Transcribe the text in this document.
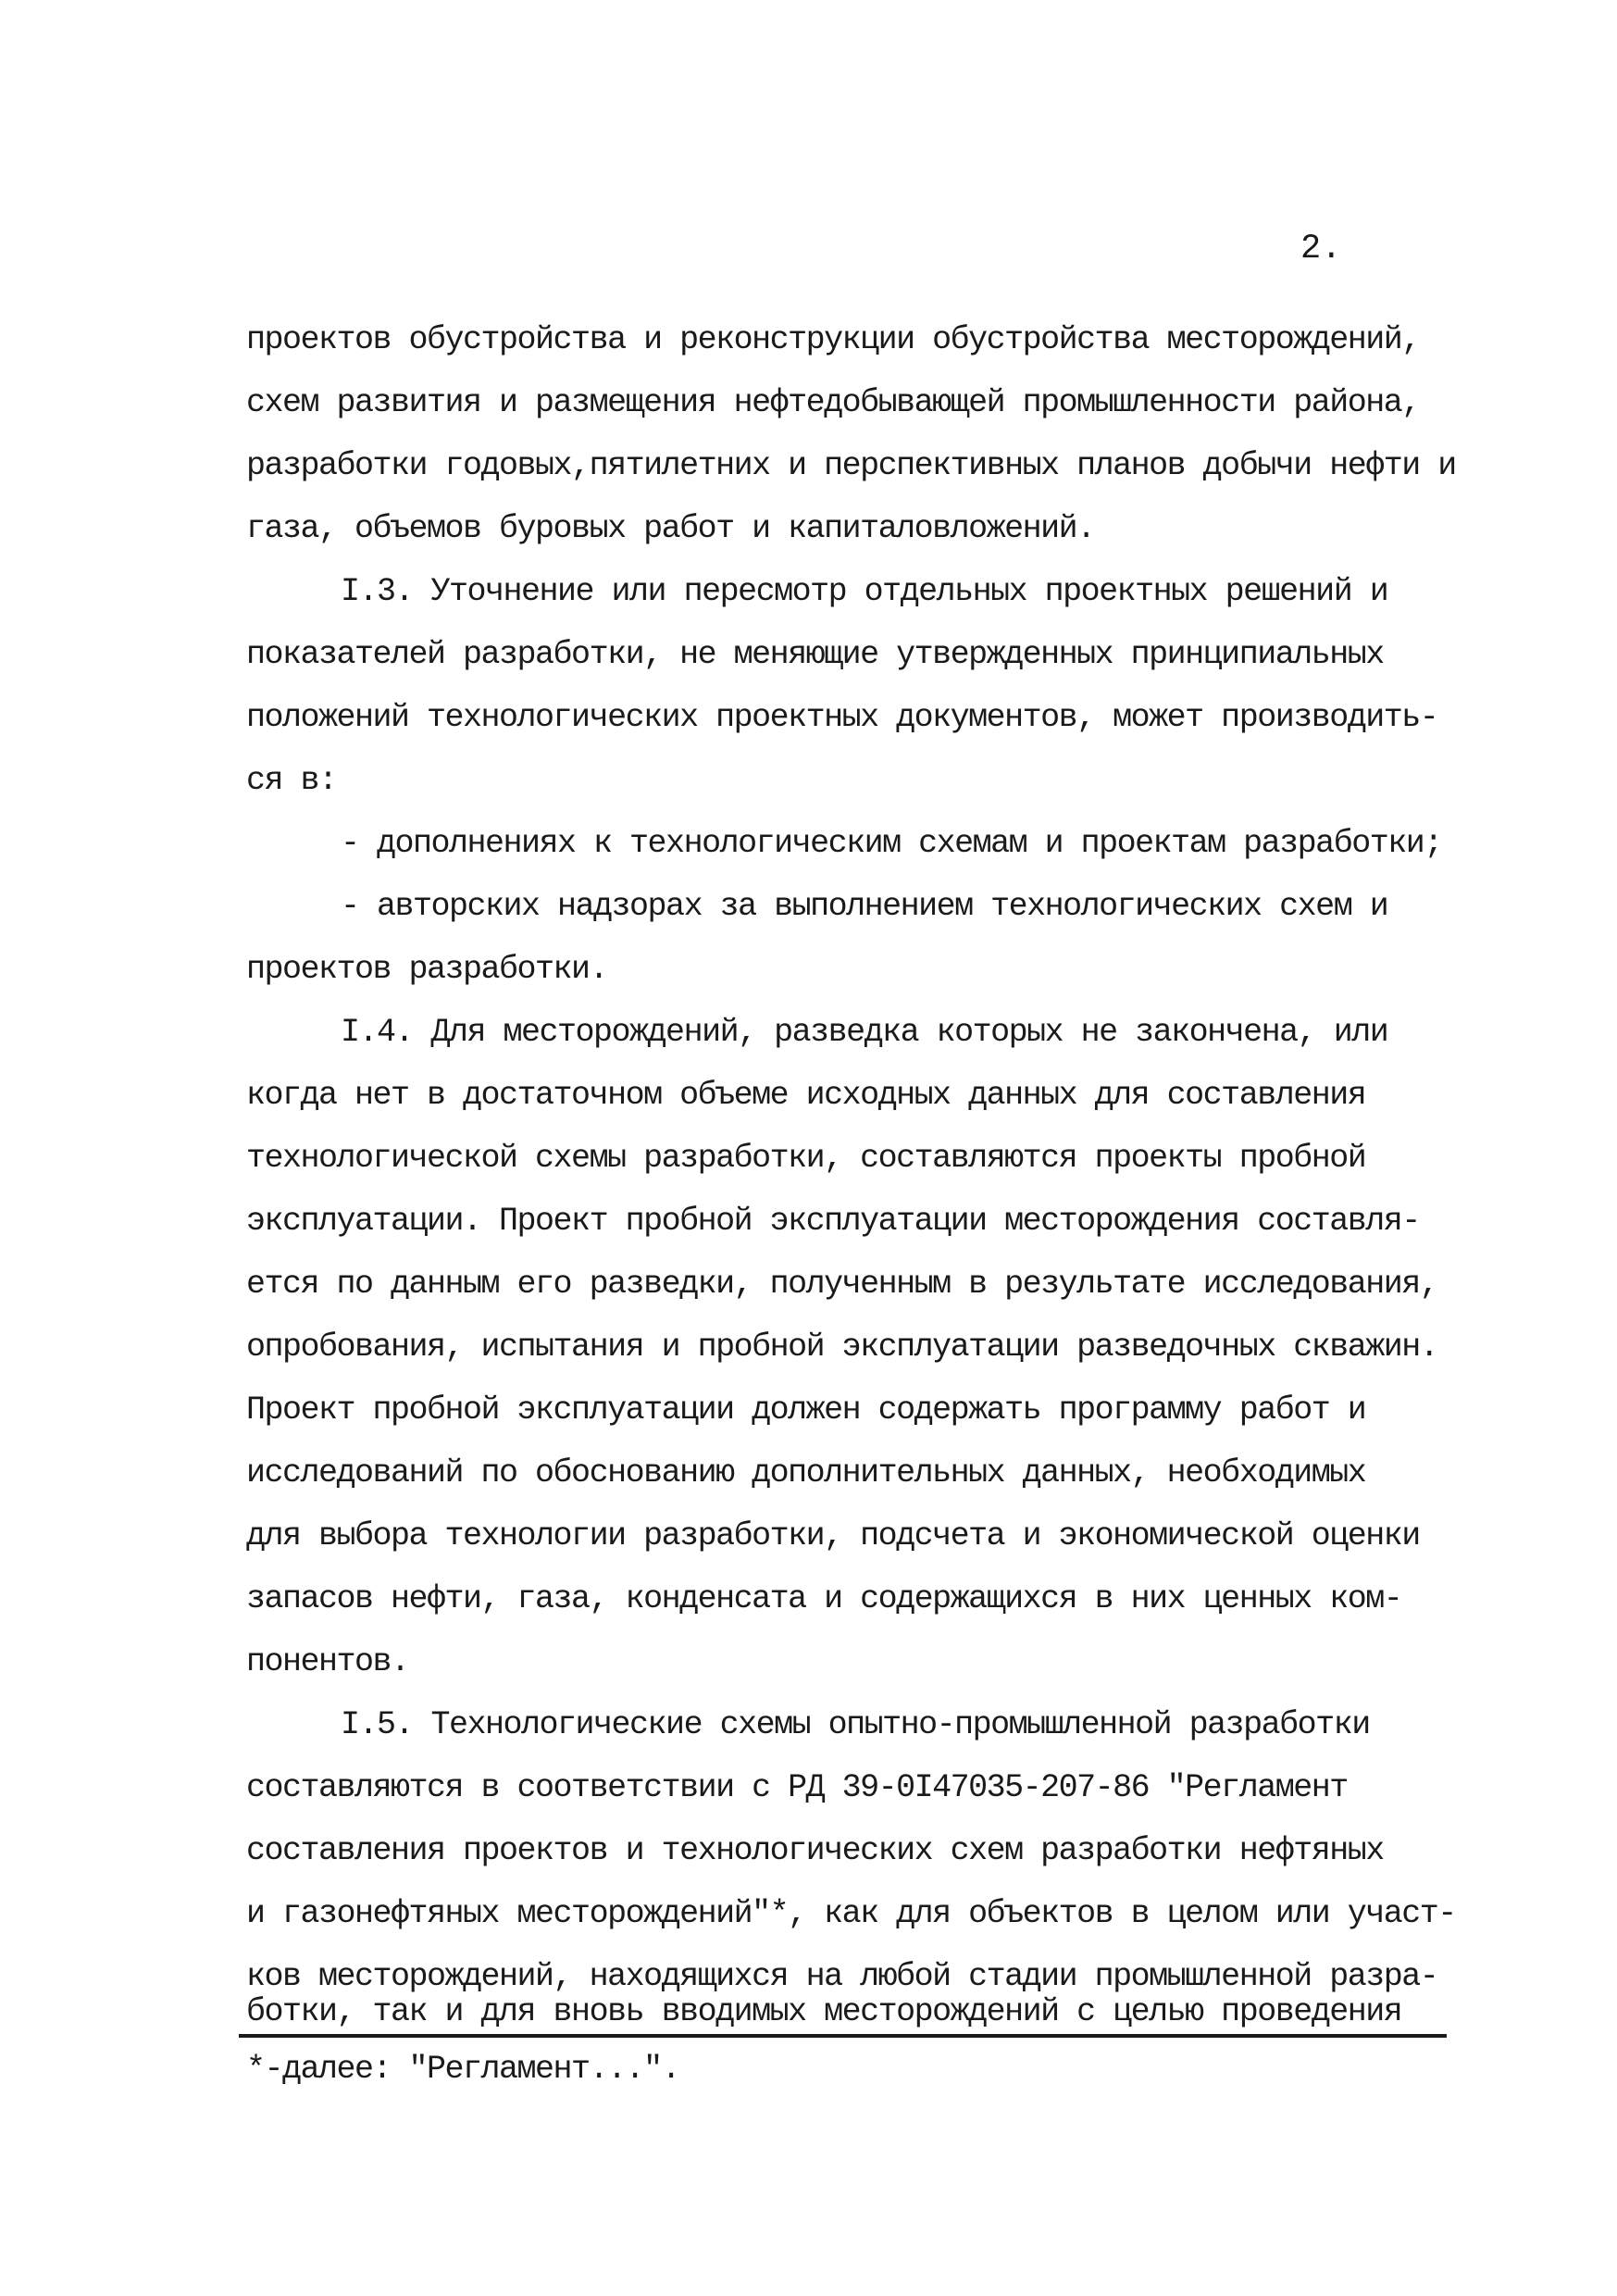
2.
проектов обустройства и реконструкции обустройства месторождений,
схем развития и размещения нефтедобывающей промышленности района,
разработки годовых,пятилетних и перспективных планов добычи нефти и
газа, объемов буровых работ и капиталовложений.
I.3. Уточнение или пересмотр отдельных проектных решений и
показателей разработки, не меняющие утвержденных принципиальных
положений технологических проектных документов, может производить-
ся в:
- дополнениях к технологическим схемам и проектам разработки;
- авторских надзорах за выполнением технологических схем и
проектов разработки.
I.4. Для месторождений, разведка которых не закончена, или
когда нет в достаточном объеме исходных данных для составления
технологической схемы разработки, составляются проекты пробной
эксплуатации. Проект пробной эксплуатации месторождения составля-
ется по данным его разведки, полученным в результате исследования,
опробования, испытания и пробной эксплуатации разведочных скважин.
Проект пробной эксплуатации должен содержать программу работ и
исследований по обоснованию дополнительных данных, необходимых
для выбора технологии разработки, подсчета и экономической оценки
запасов нефти, газа, конденсата и содержащихся в них ценных ком-
понентов.
I.5. Технологические схемы опытно-промышленной разработки
составляются в соответствии с РД 39-0I47035-207-86 "Регламент
составления проектов и технологических схем разработки нефтяных
и газонефтяных месторождений"*, как для объектов в целом или участ-
ков месторождений, находящихся на любой стадии промышленной разра-
ботки, так и для вновь вводимых месторождений с целью проведения
*-далее: "Регламент...".
